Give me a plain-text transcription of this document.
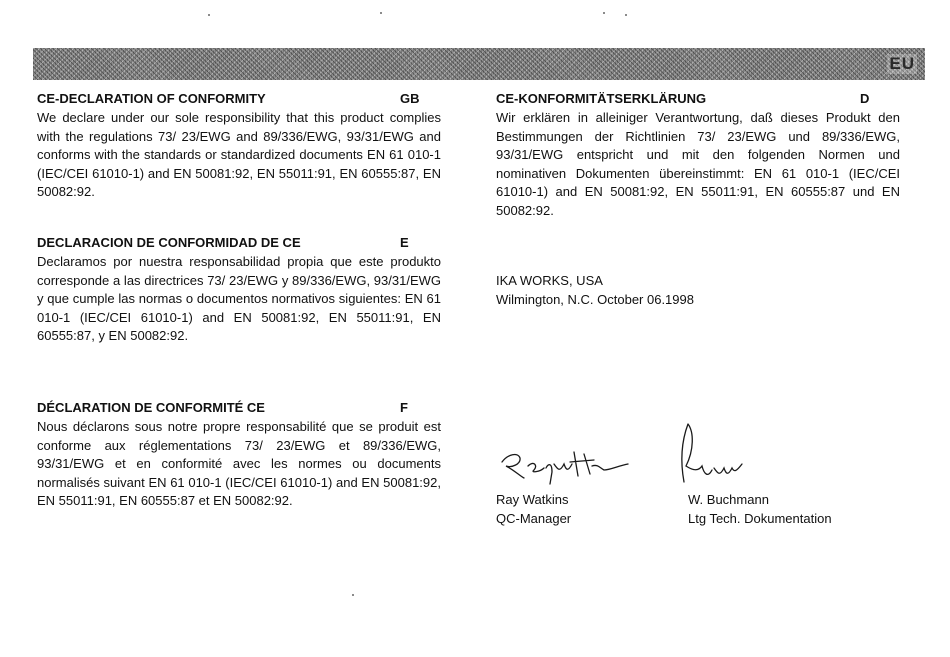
EU
CE-DECLARATION OF CONFORMITY	GB
We declare under our sole responsibility that this product complies with the regulations 73/ 23/EWG and 89/336/EWG, 93/31/EWG and conforms with the standards or standardized documents EN 61 010-1 (IEC/CEI 61010-1) and EN 50081:92, EN 55011:91, EN 60555:87, EN 50082:92.
DECLARACION DE CONFORMIDAD DE CE	E
Declaramos por nuestra responsabilidad propia que este produkto corresponde a las directrices 73/ 23/EWG y 89/336/EWG, 93/31/EWG y que cumple las normas o documentos normativos siguientes: EN 61 010-1 (IEC/CEI 61010-1) and EN 50081:92, EN 55011:91, EN 60555:87, y EN 50082:92.
DÉCLARATION DE CONFORMITÉ CE	F
Nous déclarons sous notre propre responsabilité que se produit est conforme aux réglementations 73/ 23/EWG et 89/336/EWG, 93/31/EWG et en conformité avec les normes ou documents normalisés suivant EN 61 010-1 (IEC/CEI 61010-1) and EN 50081:92, EN 55011:91, EN 60555:87 et EN 50082:92.
CE-KONFORMITÄTSERKLÄRUNG	D
Wir erklären in alleiniger Verantwortung, daß dieses Produkt den Bestimmungen der Richtlinien 73/ 23/EWG und 89/336/EWG, 93/31/EWG entspricht und mit den folgenden Normen und nominativen Dokumenten übereinstimmt: EN 61 010-1 (IEC/CEI 61010-1) and EN 50081:92, EN 55011:91, EN 60555:87 und EN 50082:92.
IKA WORKS, USA
Wilmington, N.C. October 06.1998
Ray Watkins
QC-Manager
W. Buchmann
Ltg Tech. Dokumentation
